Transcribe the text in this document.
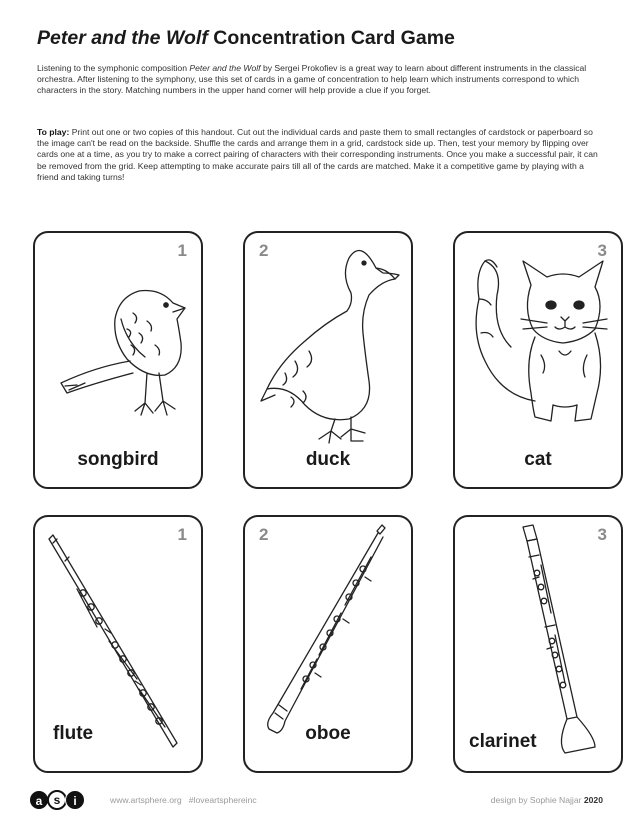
Peter and the Wolf Concentration Card Game

Listening to the symphonic composition Peter and the Wolf by Sergei Prokofiev is a great way to learn about different instruments in the classical orchestra. After listening to the symphony, use this set of cards in a game of concentration to help learn which instruments correspond to which characters in the story. Matching numbers in the upper hand corner will help provide a clue if you forget.

To play: Print out one or two copies of this handout. Cut out the individual cards and paste them to small rectangles of cardstock or paperboard so the image can't be read on the backside. Shuffle the cards and arrange them in a grid, cardstock side up. Then, test your memory by flipping over cards one at a time, as you try to make a correct pairing of characters with their corresponding instruments. Once you make a successful pair, it can be removed from the grid. Keep attempting to make accurate pairs till all of the cards are matched. Make it a competitive game by playing with a friend and taking turns!

1
songbird
2
duck
3
cat
1
flute
2
oboe
3
clarinet
a s	i	www.artsphere.org   #loveartsphereinc	design by Sophie Najjar 2020
